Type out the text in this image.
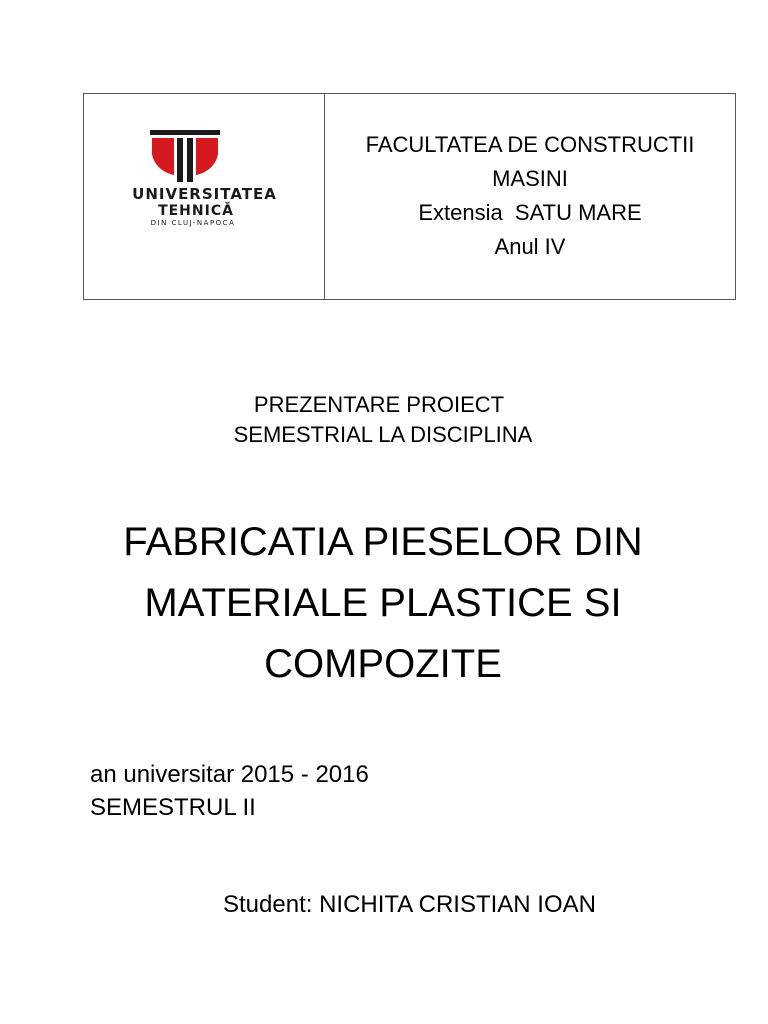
UNIVERSITATEA
TEHNICĂ
DIN CLUJ-NAPOCA
FACULTATEA DE CONSTRUCTII
MASINI
Extensia  SATU MARE
Anul IV
PREZENTARE PROIECT
SEMESTRIAL LA DISCIPLINA
FABRICATIA PIESELOR DIN
MATERIALE PLASTICE SI
COMPOZITE
an universitar 2015 - 2016
SEMESTRUL II
Student: NICHITA CRISTIAN IOAN
